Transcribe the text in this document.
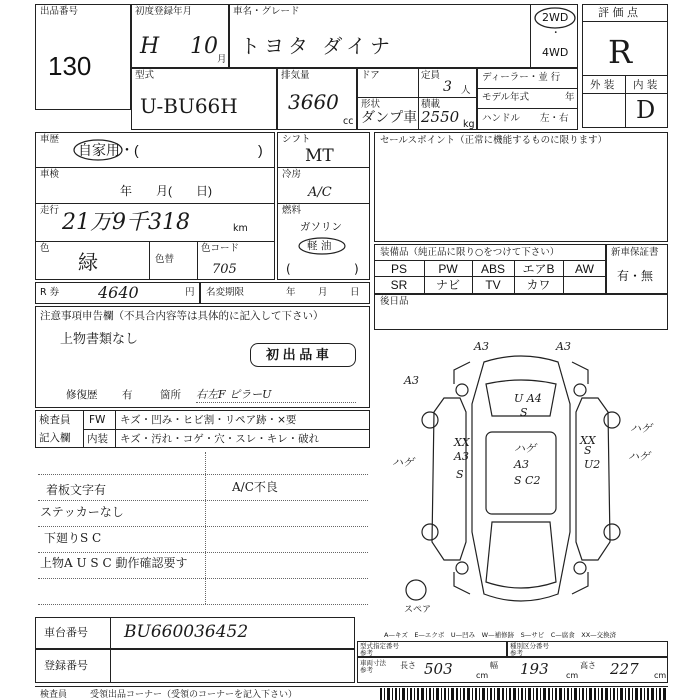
出品番号
130
初度登録年月
H 10
月
車名・グレード
トヨタ ダイナ
2WD
・
4WD
評 価 点
R
外 装 内 装
D
型式
U-BU66H
排気量
3660
cc
ドア	定員
3 人
形状
ダンプ車
積載
2550 kg
ディーラー・並 行
モデル年式	年
ハンドル 左・右
車歴
自家用・(	)
車検
年　　月(　　日)
走行 21万9千318	km
色
緑	色替
色コード
705
R 券 4640	円 名変期限	年 月 日
シフト
MT
冷房
A/C
燃料
ガソリン
軽 油
(	)
セールスポイント（正常に機能するものに限ります）
装備品（純正品に限り○をつけて下さい）
PS	PW	ABS	エアB	AW
SR	ナビ	TV	カワ
新車保証書
有・無
後日品
注意事項申告欄（不具合内容等は具体的に記入して下さい）
上物書類なし
初 出 品 車
修復歴 有	箇所 右左F ピラーU
検査員
記入欄
FW キズ・凹み・ヒビ割・リペア跡・×要
内装 キズ・汚れ・コゲ・穴・スレ・キレ・破れ
着板文字有	A/C不良
ステッカーなし
下廻りS C
上物A U S C 動作確認要す
A3	A3
A3
U A4
S
A3
S
XX
U2
A3
S
XX
S C2
ハゲ	ハゲ
ハゲ
ハゲ
スペア
A—キズ　E—エクボ　U—凹み　W—補修跡　S—サビ　C—腐食　XX—交換済
型式指定番号
参考
種別区分番号
参考
車台番号 BU660036452
登録番号	車両寸法
参考	長さ 503	cm
幅 193 cm
高さ 227 cm
検査員	受領出品コーナー（受領のコーナーを記入下さい）
